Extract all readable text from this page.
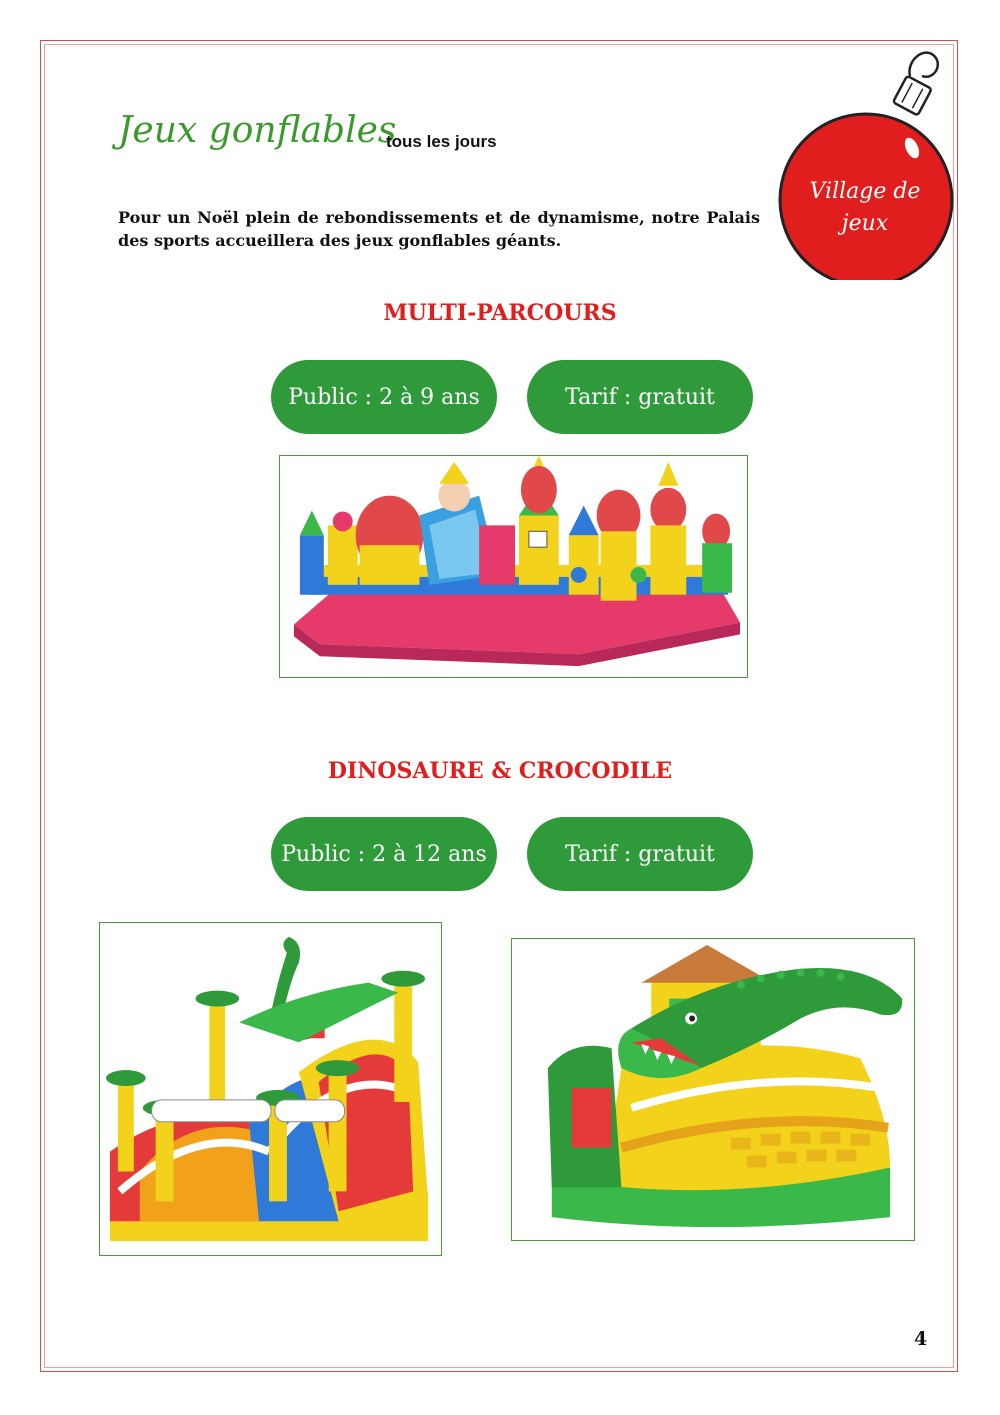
Jeux gonflables
tous les jours
Village de
jeux
Pour un Noël plein de rebondissements et de dynamisme, notre Palais des sports accueillera des jeux gonflables géants.
MULTI-PARCOURS
Public : 2 à 9 ans	Tarif : gratuit
DINOSAURE & CROCODILE
Public : 2 à 12 ans	Tarif : gratuit
4
